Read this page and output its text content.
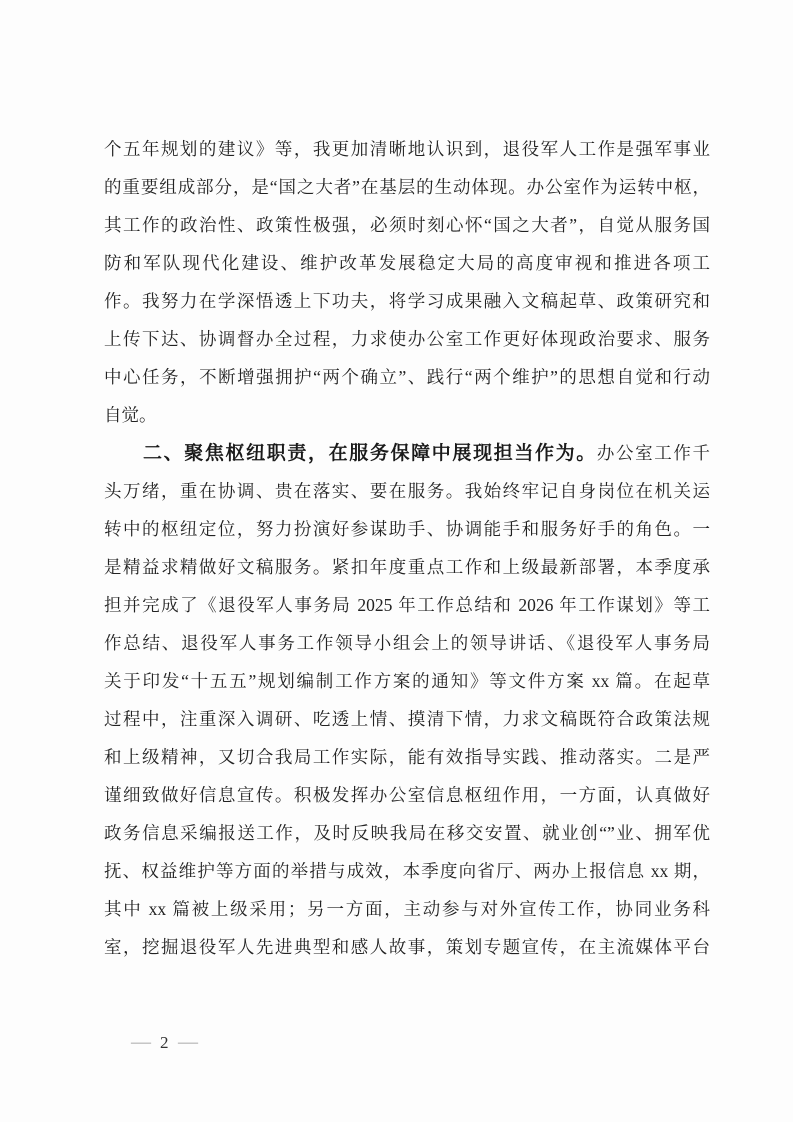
个五年规划的建议》等，我更加清晰地认识到，退役军人工作是强军事业
的重要组成部分，是“国之大者”在基层的生动体现。办公室作为运转中枢，
其工作的政治性、政策性极强，必须时刻心怀“国之大者”，自觉从服务国
防和军队现代化建设、维护改革发展稳定大局的高度审视和推进各项工
作。我努力在学深悟透上下功夫，将学习成果融入文稿起草、政策研究和
上传下达、协调督办全过程，力求使办公室工作更好体现政治要求、服务
中心任务，不断增强拥护“两个确立”、践行“两个维护”的思想自觉和行动
自觉。
二、聚焦枢纽职责，在服务保障中展现担当作为。办公室工作千
头万绪，重在协调、贵在落实、要在服务。我始终牢记自身岗位在机关运
转中的枢纽定位，努力扮演好参谋助手、协调能手和服务好手的角色。一
是精益求精做好文稿服务。紧扣年度重点工作和上级最新部署，本季度承
担并完成了《退役军人事务局 2025 年工作总结和 2026 年工作谋划》等工
作总结、退役军人事务工作领导小组会上的领导讲话、《退役军人事务局
关于印发“十五五”规划编制工作方案的通知》等文件方案 xx 篇。在起草
过程中，注重深入调研、吃透上情、摸清下情，力求文稿既符合政策法规
和上级精神，又切合我局工作实际，能有效指导实践、推动落实。二是严
谨细致做好信息宣传。积极发挥办公室信息枢纽作用，一方面，认真做好
政务信息采编报送工作，及时反映我局在移交安置、就业创“”业、拥军优
抚、权益维护等方面的举措与成效，本季度向省厅、两办上报信息 xx 期，
其中 xx 篇被上级采用；另一方面，主动参与对外宣传工作，协同业务科
室，挖掘退役军人先进典型和感人故事，策划专题宣传，在主流媒体平台
— 2 —
